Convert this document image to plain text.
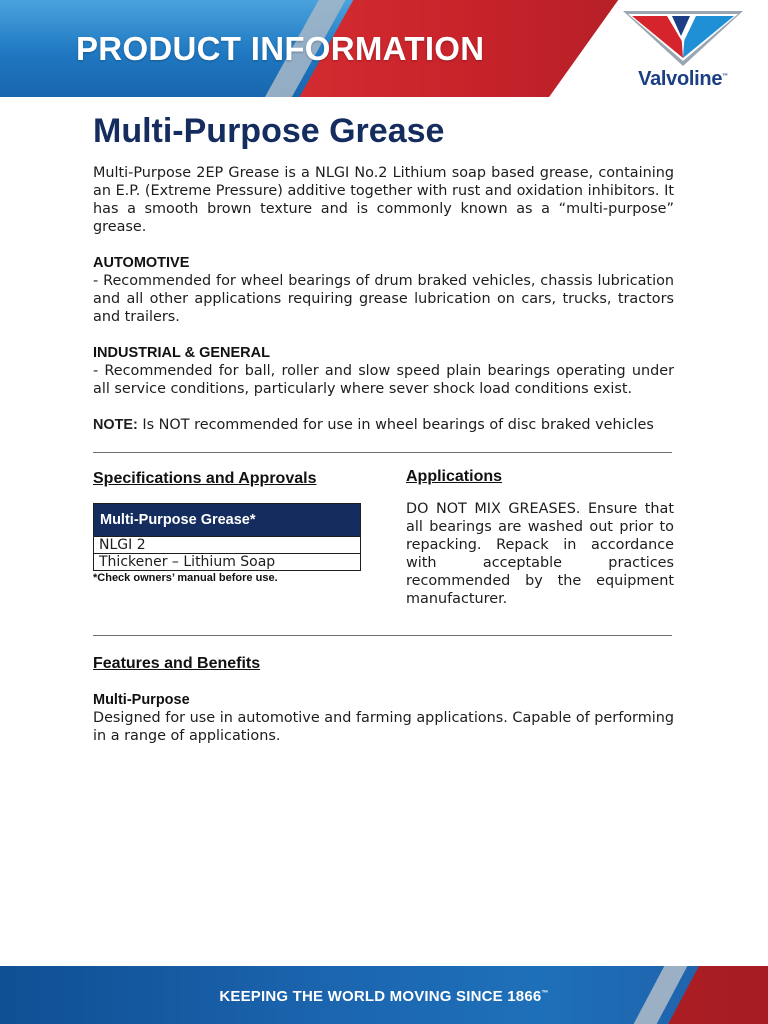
PRODUCT INFORMATION
Valvoline™
Multi-Purpose Grease

Multi-Purpose 2EP Grease is a NLGI No.2 Lithium soap based grease, containing an E.P. (Extreme Pressure) additive together with rust and oxidation inhibitors. It has a smooth brown texture and is commonly known as a “multi-purpose” grease.

AUTOMOTIVE

- Recommended for wheel bearings of drum braked vehicles, chassis lubrication and all other applications requiring grease lubrication on cars, trucks, tractors and trailers.

INDUSTRIAL & GENERAL

- Recommended for ball, roller and slow speed plain bearings operating under all service conditions, particularly where sever shock load conditions exist.

NOTE: Is NOT recommended for use in wheel bearings of disc braked vehicles

Specifications and Approvals
Multi-Purpose Grease*
NLGI 2
Thickener – Lithium Soap
*Check owners’ manual before use.
Applications

DO NOT MIX GREASES. Ensure that all bearings are washed out prior to repacking. Repack in accordance with acceptable practices recommended by the equipment manufacturer.

Features and Benefits
Multi-Purpose

Designed for use in automotive and farming applications. Capable of performing in a range of applications.

KEEPING THE WORLD MOVING SINCE 1866™
